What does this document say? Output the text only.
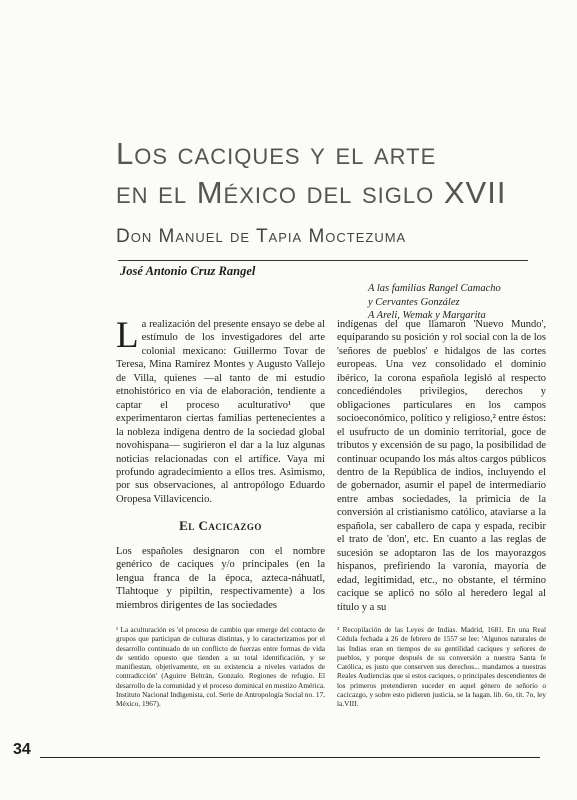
Los caciques y el arte
en el México del siglo XVII
Don Manuel de Tapia Moctezuma
José Antonio Cruz Rangel
A las familias Rangel Camacho
y Cervantes González
A Areli, Wemak y Margarita

La realización del presente ensayo se debe al estímulo de los investigadores del arte colonial mexicano: Guillermo Tovar de Teresa, Mina Ramírez Montes y Augusto Vallejo de Villa, quienes —al tanto de mi estudio etnohistórico en vía de elaboración, tendiente a captar el proceso aculturativo¹ que experimentaron ciertas familias pertenecientes a la nobleza indígena dentro de la sociedad global novohispana— sugirieron el dar a la luz algunas noticias relacionadas con el artífice. Vaya mi profundo agradecimiento a ellos tres. Asimismo, por sus observaciones, al antropólogo Eduardo Oropesa Villavicencio.

El Cacicazgo

Los españoles designaron con el nombre genérico de caciques y/o principales (en la lengua franca de la época, azteca-náhuatl, Tlahtoque y pipiltin, respectivamente) a los miembros dirigentes de las sociedades

indígenas del que llamaron 'Nuevo Mundo', equiparando su posición y rol social con la de los 'señores de pueblos' e hidalgos de las cortes europeas. Una vez consolidado el dominio ibérico, la corona española legisló al respecto concediéndoles privilegios, derechos y obligaciones particulares en los campos socioeconómico, político y religioso,² entre éstos: el usufructo de un dominio territorial, goce de tributos y excensión de su pago, la posibilidad de continuar ocupando los más altos cargos públicos dentro de la República de indios, incluyendo el de gobernador, asumir el papel de intermediario entre ambas sociedades, la primicia de la conversión al cristianismo católico, ataviarse a la española, ser caballero de capa y espada, recibir el trato de 'don', etc. En cuanto a las reglas de sucesión se adoptaron las de los mayorazgos hispanos, prefiriendo la varonía, mayoría de edad, legitimidad, etc., no obstante, el término cacique se aplicó no sólo al heredero legal al título y a su

¹ La aculturación es 'el proceso de cambio que emerge del contacto de grupos que participan de culturas distintas, y lo caracterizamos por el desarrollo continuado de un conflicto de fuerzas entre formas de vida de sentido opuesto que tienden a su total identificación, y se manifiestan, objetivamente, en su existencia a niveles variados de contradicción' (Aguirre Beltrán, Gonzalo. Regiones de refugio. El desarrollo de la comunidad y el proceso dominical en mestizo América. Instituto Nacional Indigenista, col. Serie de Antropología Social no. 17, México, 1967).

² Recopilación de las Leyes de Indias. Madrid, 1681. En una Real Cédula fechada a 26 de febrero de 1557 se lee: 'Algunos naturales de las Indias eran en tiempos de su gentilidad caciques y señores de pueblos, y porque después de su conversión a nuestra Santa fe Católica, es justo que conserven sus derechos... mandamos a nuestras Reales Audiencias que si estos caciques, o principales descendientes de los primeros pretendieren suceder en aquel género de señorío o cacicazgo, y sobre esto pidieren justicia, se la hagan. lib. 6o, tít. 7o, ley la.VIII.

34
